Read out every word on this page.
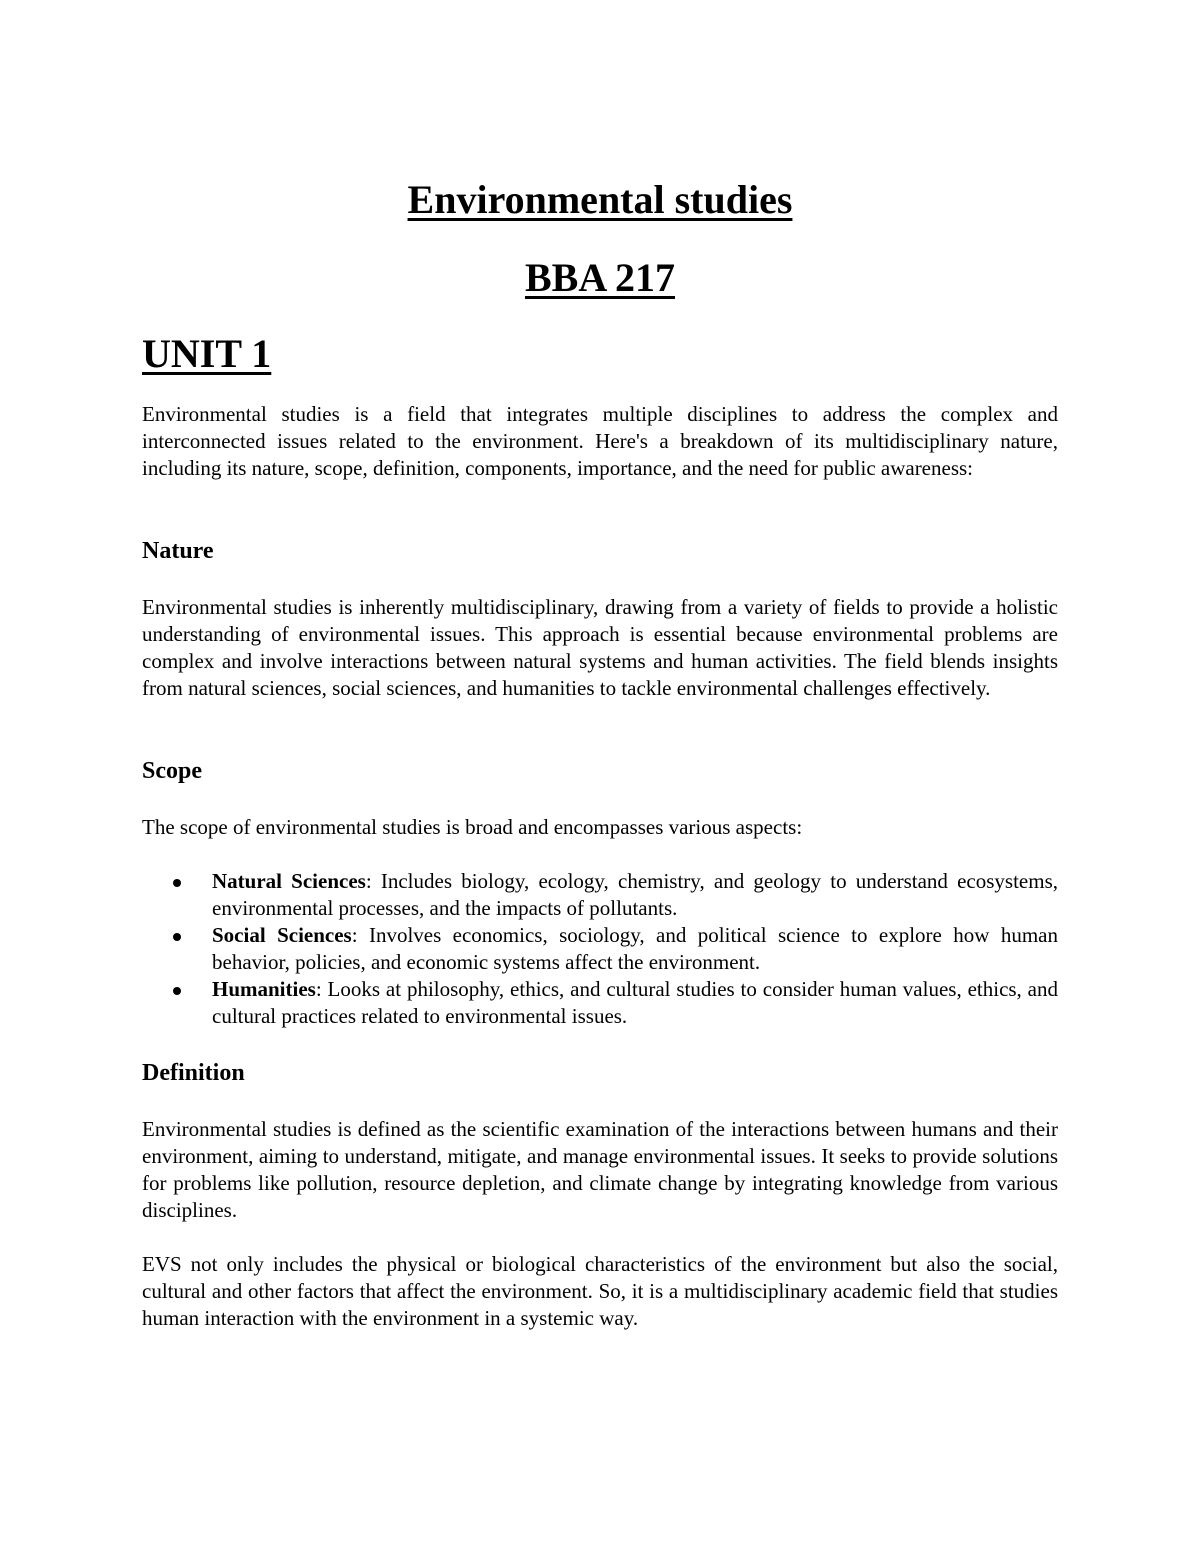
Environmental studies
BBA 217
UNIT 1

Environmental studies is a field that integrates multiple disciplines to address the complex and interconnected issues related to the environment. Here's a breakdown of its multidisciplinary nature, including its nature, scope, definition, components, importance, and the need for public awareness:

Nature

Environmental studies is inherently multidisciplinary, drawing from a variety of fields to provide a holistic understanding of environmental issues. This approach is essential because environmental problems are complex and involve interactions between natural systems and human activities. The field blends insights from natural sciences, social sciences, and humanities to tackle environmental challenges effectively.

Scope

The scope of environmental studies is broad and encompasses various aspects:

Natural Sciences: Includes biology, ecology, chemistry, and geology to understand ecosystems, environmental processes, and the impacts of pollutants.
Social Sciences: Involves economics, sociology, and political science to explore how human behavior, policies, and economic systems affect the environment.
Humanities: Looks at philosophy, ethics, and cultural studies to consider human values, ethics, and cultural practices related to environmental issues.
Definition

Environmental studies is defined as the scientific examination of the interactions between humans and their environment, aiming to understand, mitigate, and manage environmental issues. It seeks to provide solutions for problems like pollution, resource depletion, and climate change by integrating knowledge from various disciplines.

EVS not only includes the physical or biological characteristics of the environment but also the social, cultural and other factors that affect the environment. So, it is a multidisciplinary academic field that studies human interaction with the environment in a systemic way.
